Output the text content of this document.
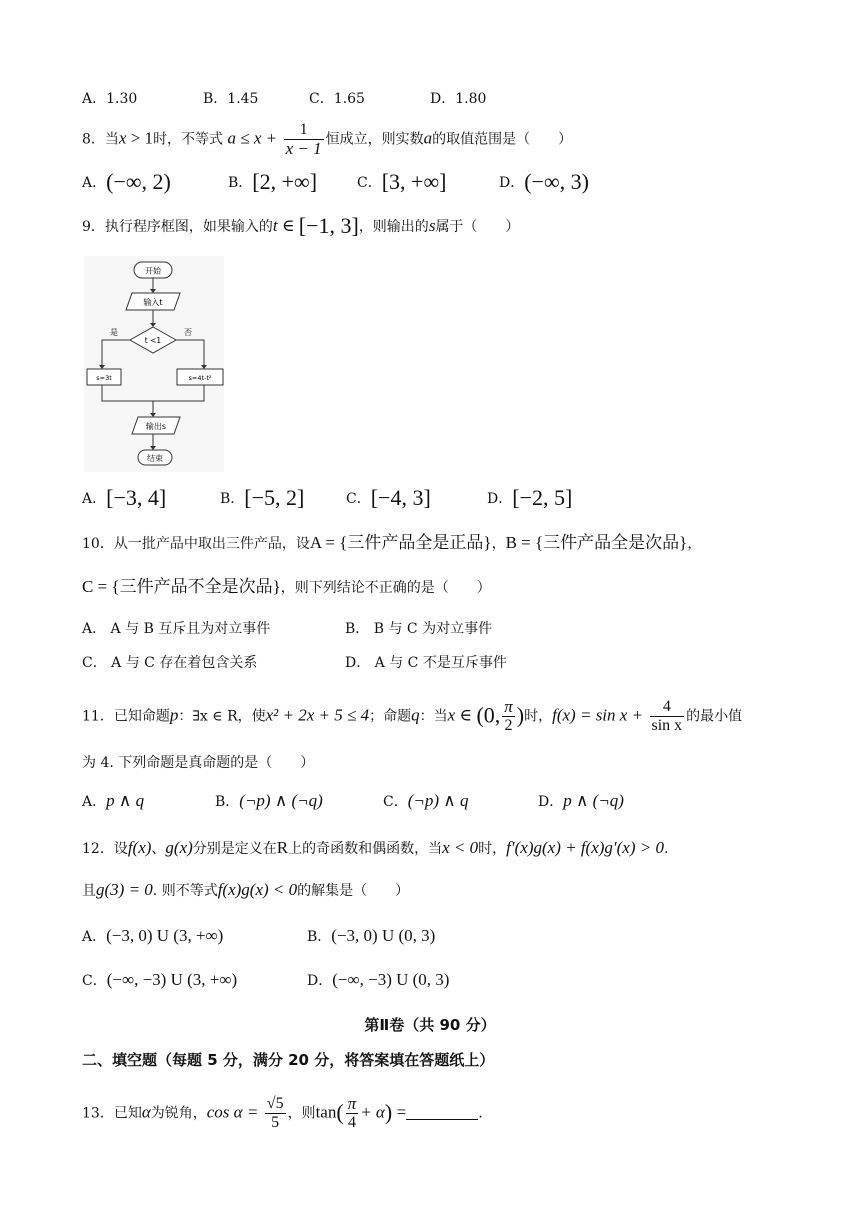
A．1.30	B．1.45	C．1.65	D．1.80
8．当x > 1时，不等式 $a \le x + \frac{1}{x - 1}$ 恒成立，则实数a的取值范围是（　　）
A．(−∞, 2)	B．[2, +∞]	C．[3, +∞]	D．(−∞, 3)
9．执行程序框图，如果输入的t ∈ [−1, 3]，则输出的s属于（　　）
开始
输入t
t <1
是	否
s=3t	s=4t-t²
输出s
结束
A．[−3, 4]	B．[−5, 2]	C．[−4, 3]	D．[−2, 5]
10．从一批产品中取出三件产品，设A = {三件产品全是正品}，B = {三件产品全是次品}，
C = {三件产品不全是次品}，则下列结论不正确的是（　　）
A． A 与 B 互斥且为对立事件	B． B 与 C 为对立事件
C． A 与 C 存在着包含关系	D． A 与 C 不是互斥事件
11．已知命题p：∃x ∈ R，使x² + 2x + 5 ≤ 4；命题q：当x ∈ (0, $\frac{\pi}{2}$ )时，$f(x) = \sin x + \frac{4}{\text{sin x}}$ 的最小值
为 4. 下列命题是真命题的是（　　）
A．p ∧ q	B．(¬p) ∧ (¬q)	C．(¬p) ∧ q	D．p ∧ (¬q)
12．设f(x)、g(x)分别是定义在R上的奇函数和偶函数，当x < 0时，f′(x)g(x) + f(x)g′(x) > 0.
且g(3) = 0. 则不等式f(x)g(x) < 0的解集是（　　）
A．(−3, 0) U (3, +∞)	B．(−3, 0) U (0, 3)
C．(−∞, −3) U (3, +∞)	D．(−∞, −3) U (0, 3)
第Ⅱ卷（共 90 分）
二、填空题（每题 5 分，满分 20 分，将答案填在答题纸上）
13．已知α为锐角，$\cos \alpha = \frac{√5}{5}$ ，则$\tan( \frac{\pi}{4} + \alpha)$ =	.
